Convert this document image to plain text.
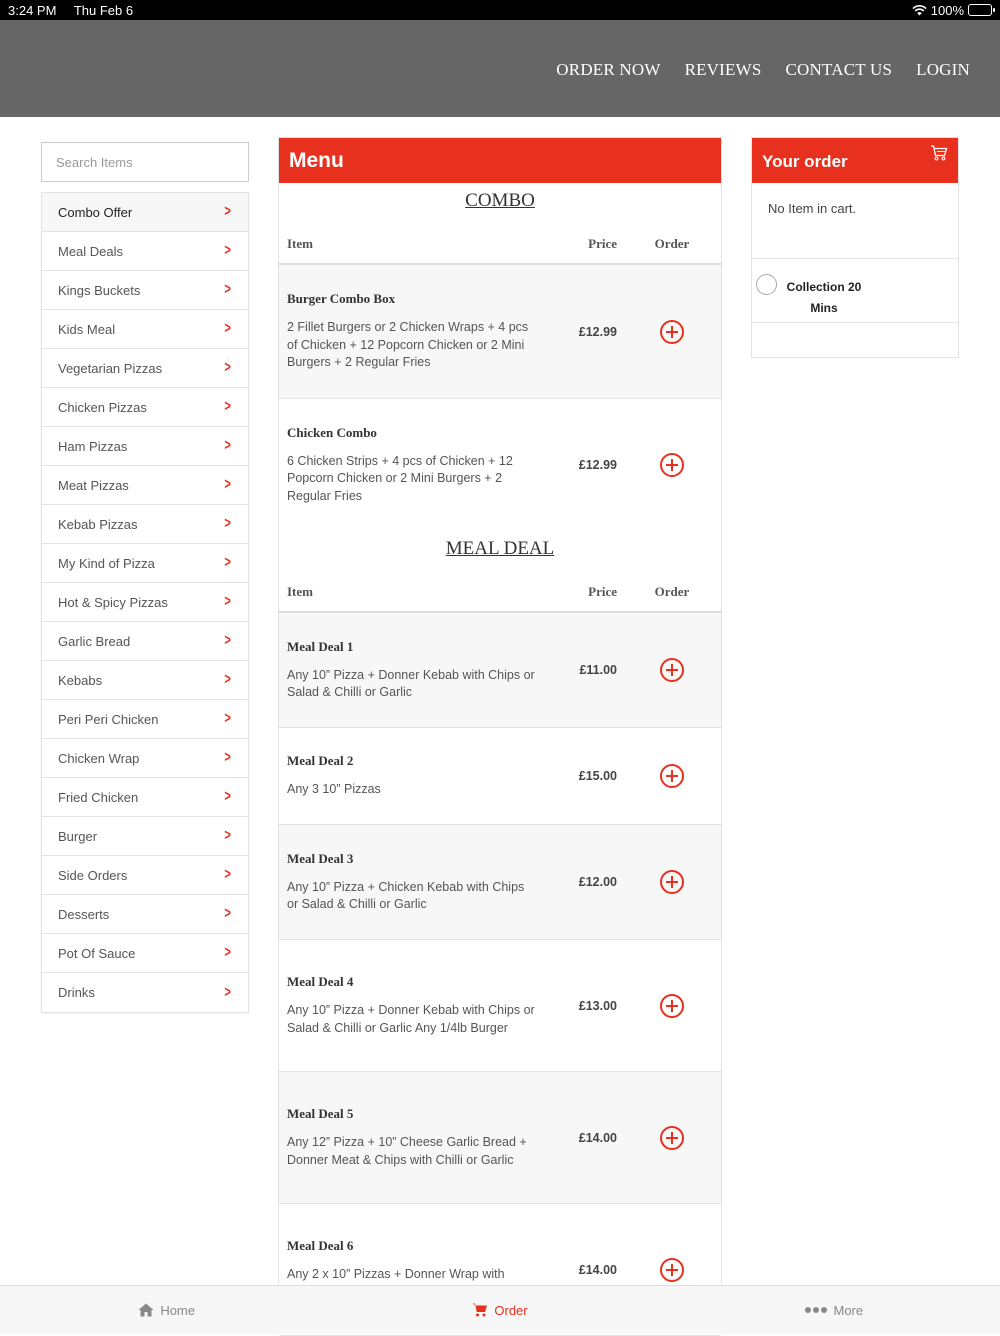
3:24 PM Thu Feb 6	100%
ORDER NOW REVIEWS CONTACT US LOGIN
Search Items
Combo Offer	>
Meal Deals	>
Kings Buckets	>
Kids Meal	>
Vegetarian Pizzas	>
Chicken Pizzas	>
Ham Pizzas	>
Meat Pizzas	>
Kebab Pizzas	>
My Kind of Pizza	>
Hot & Spicy Pizzas	>
Garlic Bread	>
Kebabs	>
Peri Peri Chicken	>
Chicken Wrap	>
Fried Chicken	>
Burger	>
Side Orders	>
Desserts	>
Pot Of Sauce	>
Drinks	>
Menu
COMBO
Item	Price	Order
Burger Combo Box
2 Fillet Burgers or 2 Chicken Wraps + 4 pcs of Chicken + 12 Popcorn Chicken or 2 Mini Burgers + 2 Regular Fries
£12.99
Chicken Combo
6 Chicken Strips + 4 pcs of Chicken + 12 Popcorn Chicken or 2 Mini Burgers + 2 Regular Fries
£12.99
MEAL DEAL
Item	Price	Order
Meal Deal 1
Any 10” Pizza + Donner Kebab with Chips or Salad & Chilli or Garlic
£11.00
Meal Deal 2
Any 3 10” Pizzas
£15.00
Meal Deal 3
Any 10” Pizza + Chicken Kebab with Chips or Salad & Chilli or Garlic
£12.00
Meal Deal 4
Any 10” Pizza + Donner Kebab with Chips or Salad & Chilli or Garlic Any 1/4lb Burger
£13.00
Meal Deal 5
Any 12” Pizza + 10” Cheese Garlic Bread + Donner Meat & Chips with Chilli or Garlic
£14.00
Meal Deal 6
Any 2 x 10” Pizzas + Donner Wrap with	£14.00
Your order
No Item in cart.
Collection 20 Mins
Home	Order	More
